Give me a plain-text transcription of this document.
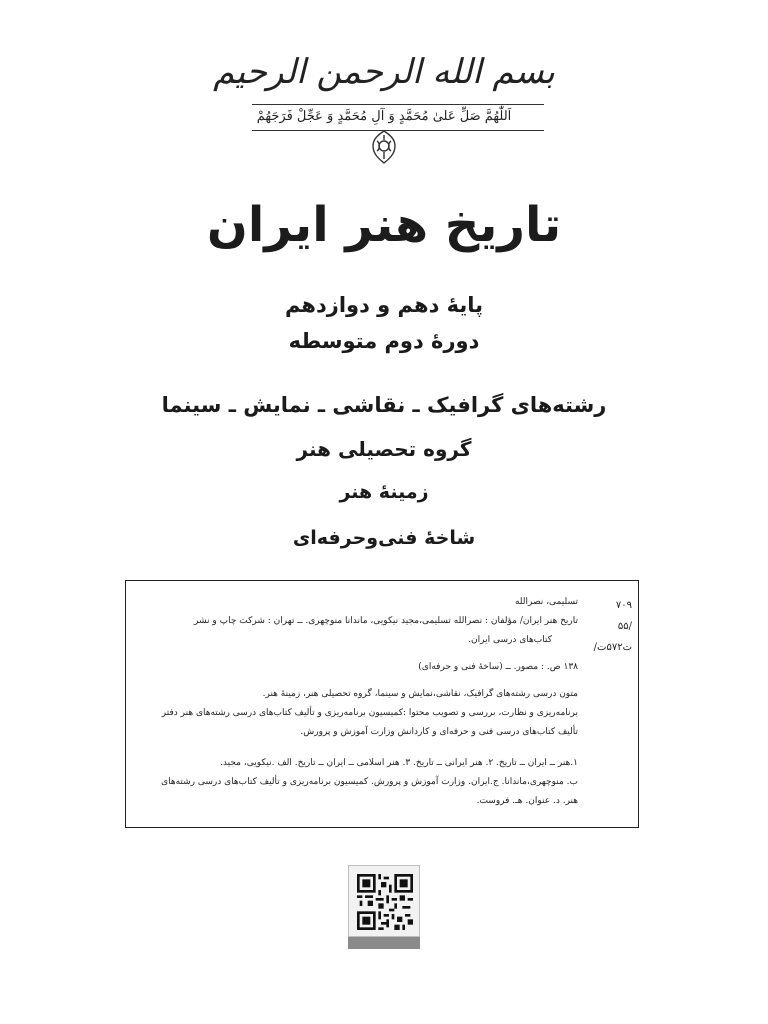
بسم الله الرحمن الرحیم
اَللّٰهُمَّ صَلِّ عَلیٰ مُحَمَّدٍ وَ آلِ مُحَمَّدٍ وَ عَجِّلْ فَرَجَهُمْ
تاریخ هنر ایران
پایۀ دهم و دوازدهم
دورۀ دوم متوسطه
رشته‌های گرافیک ـ نقاشی ـ نمایش ـ سینما
گروه تحصیلی هنر
زمینۀ هنر
شاخۀ فنی‌وحرفه‌ای
۷۰۹
/۵۵
ت۵۷۲ت/
تسلیمی، نصرالله
تاریخ هنر ایران/ مؤلفان : نصرالله تسلیمی،مجید نیکویی، ماندانا منوچهری. ــ تهران : شرکت چاپ و نشر
کتاب‌های درسی ایران.
۱۳۸ ص. : مصور. ــ (ساخۀ فنی و حرفه‌ای)
متون درسی رشته‌های گرافیک، نقاشی،نمایش و سینما، گروه تحصیلی هنر، زمینۀ هنر.
برنامه‌ریزی و نظارت، بررسی و تصویب محتوا :کمیسیون برنامه‌ریزی و تألیف کتاب‌های درسی رشته‌های هنر دفتر
تألیف کتاب‌های درسی فنی و حرفه‌ای و کاردانش وزارت آموزش و پرورش.
۱.هنر ــ ایران ــ تاریخ. ۲. هنر ایرانی ــ تاریخ. ۳. هنر اسلامی ــ ایران ــ تاریخ. الف .نیکویی، مجید.
ب. منوچهری،ماندانا. ج.ایران. وزارت آموزش و پرورش. کمیسیون برنامه‌ریزی و تألیف کتاب‌های درسی رشته‌های
هنر. د. عنوان. هـ. فروست.
